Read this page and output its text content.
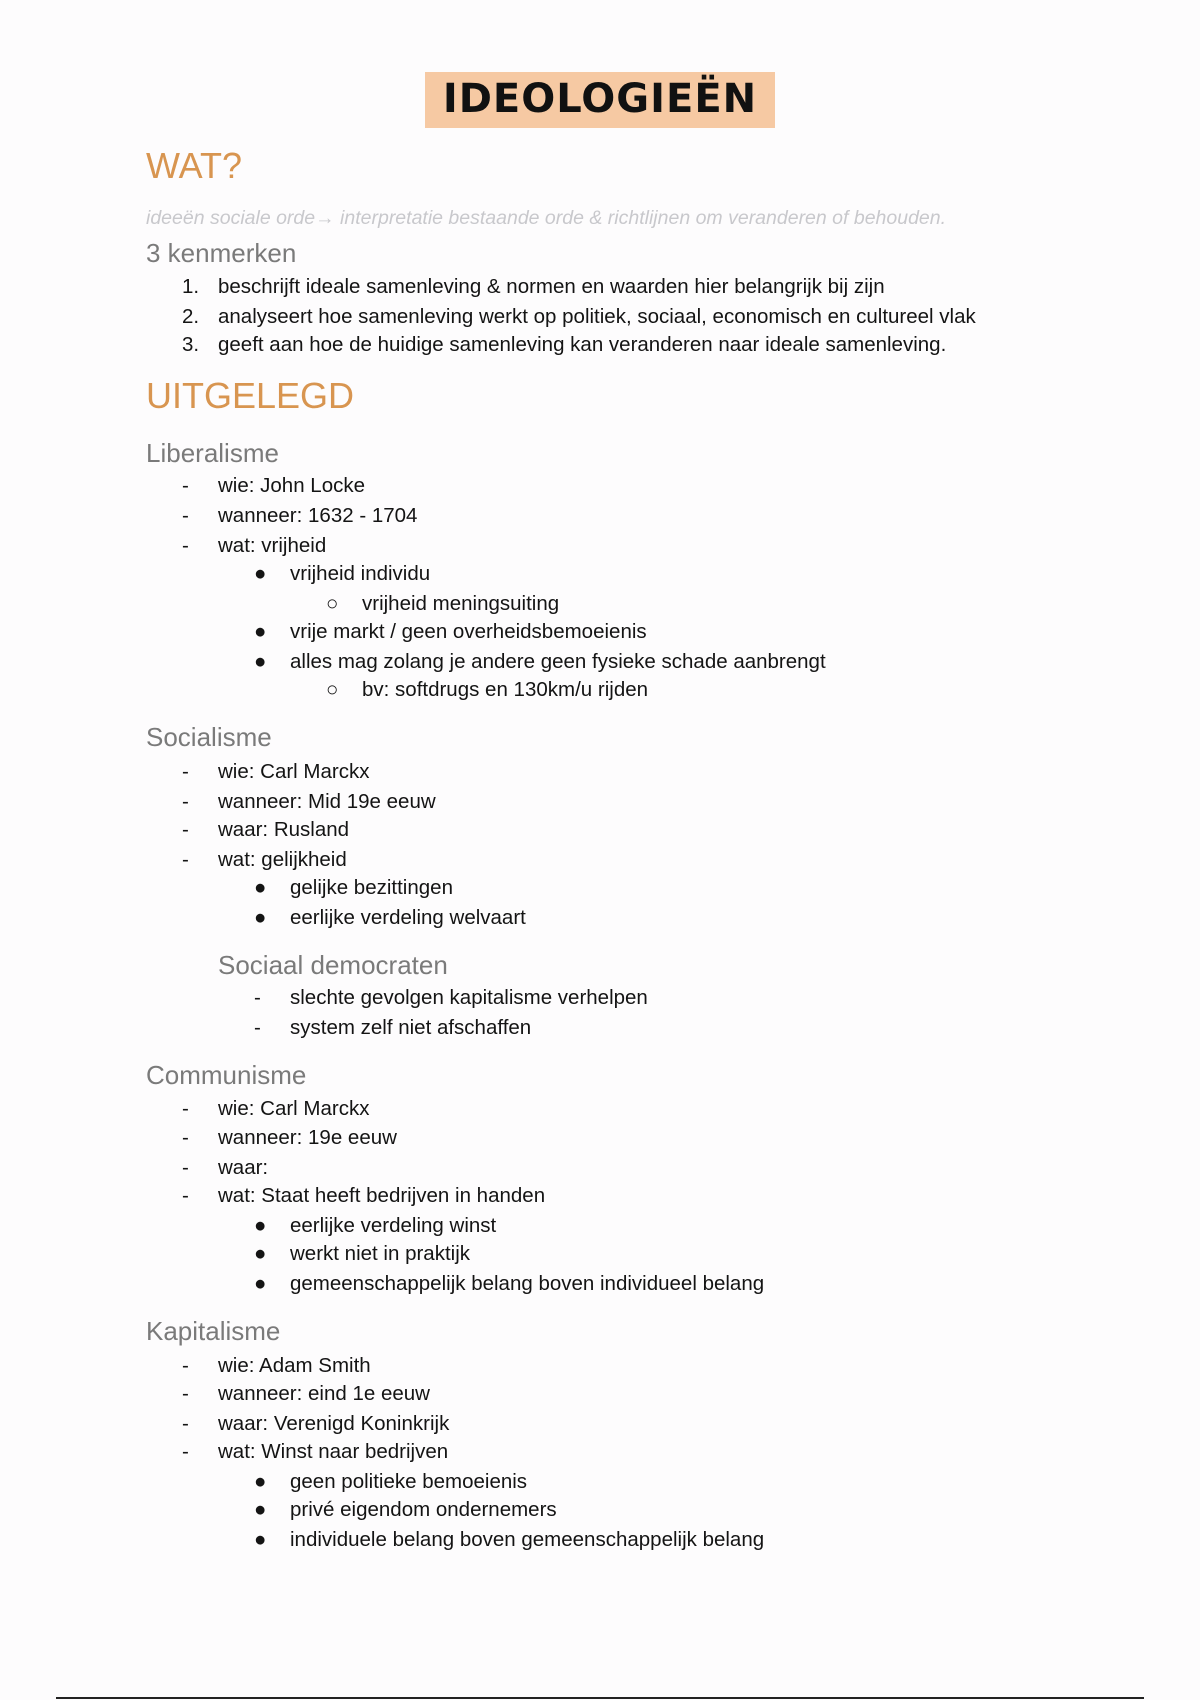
IDEOLOGIEËN
WAT?
ideeën sociale orde→ interpretatie bestaande orde & richtlijnen om veranderen of behouden.
3 kenmerken
1. beschrijft ideale samenleving & normen en waarden hier belangrijk bij zijn
2. analyseert hoe samenleving werkt op politiek, sociaal, economisch en cultureel vlak
3. geeft aan hoe de huidige samenleving kan veranderen naar ideale samenleving.
UITGELEGD
Liberalisme
- wie: John Locke
- wanneer: 1632 - 1704
- wat: vrijheid
● vrijheid individu
○ vrijheid meningsuiting
● vrije markt / geen overheidsbemoeienis
● alles mag zolang je andere geen fysieke schade aanbrengt
○ bv: softdrugs en 130km/u rijden
Socialisme
- wie: Carl Marckx
- wanneer: Mid 19e eeuw
- waar: Rusland
- wat: gelijkheid
● gelijke bezittingen
● eerlijke verdeling welvaart
Sociaal democraten
- slechte gevolgen kapitalisme verhelpen
- system zelf niet afschaffen
Communisme
- wie: Carl Marckx
- wanneer: 19e eeuw
- waar:
- wat: Staat heeft bedrijven in handen
● eerlijke verdeling winst
● werkt niet in praktijk
● gemeenschappelijk belang boven individueel belang
Kapitalisme
- wie: Adam Smith
- wanneer: eind 1e eeuw
- waar: Verenigd Koninkrijk
- wat: Winst naar bedrijven
● geen politieke bemoeienis
● privé eigendom ondernemers
● individuele belang boven gemeenschappelijk belang
